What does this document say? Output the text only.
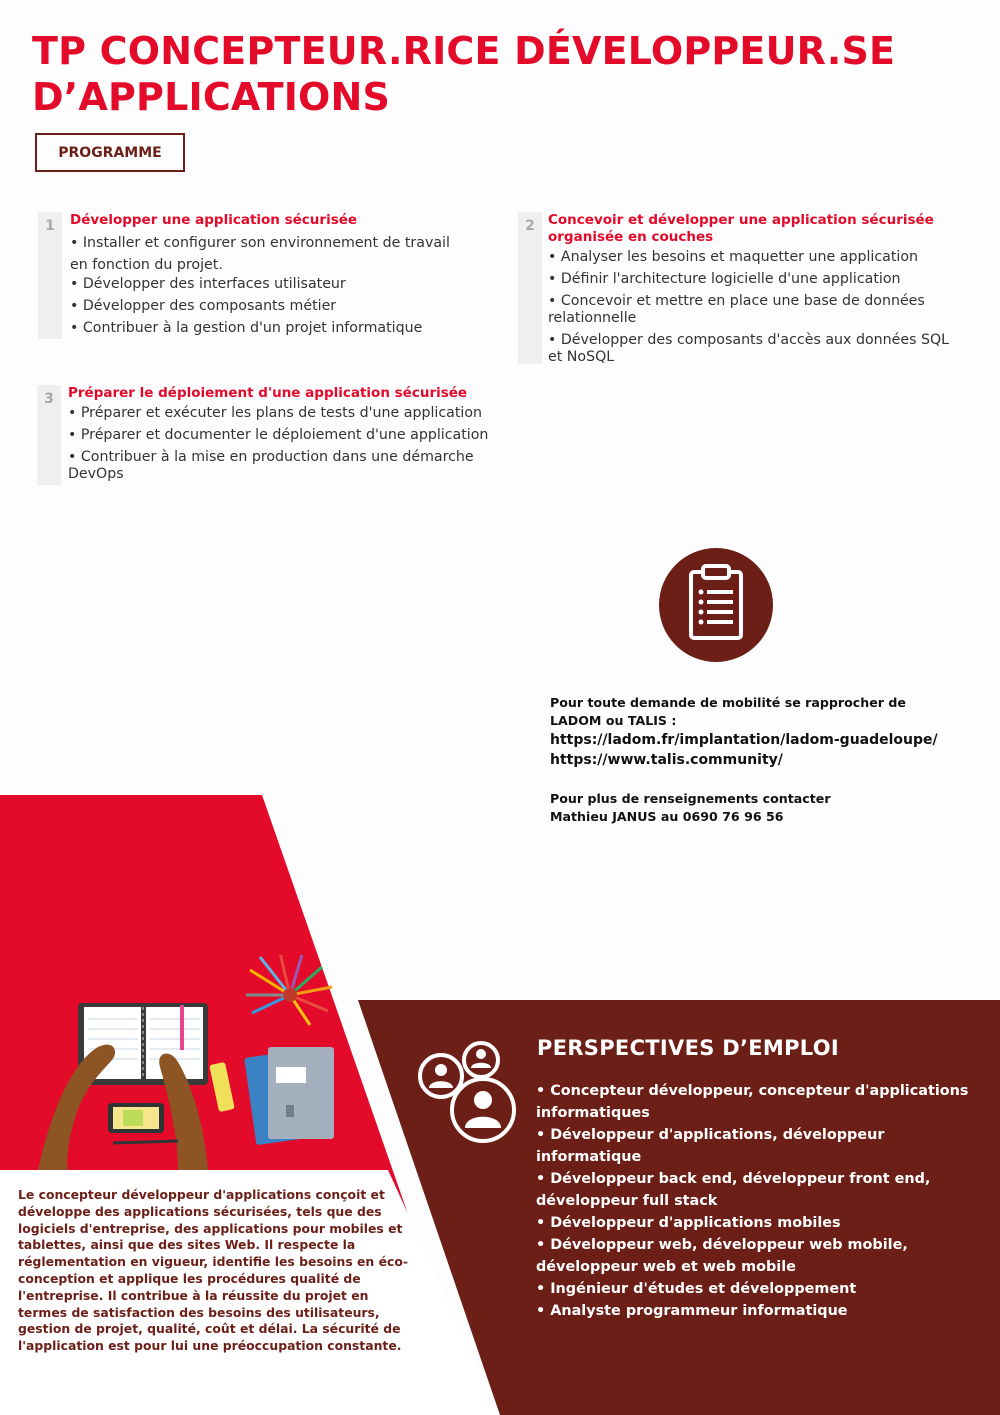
TP CONCEPTEUR.RICE DÉVELOPPEUR.SE
D’APPLICATIONS
PROGRAMME
1	Développer une application sécurisée
• Installer et configurer son environnement de travail en fonction du projet.
• Développer des interfaces utilisateur
• Développer des composants métier
• Contribuer à la gestion d'un projet informatique
2 Concevoir et développer une application sécurisée organisée en couches
• Analyser les besoins et maquetter une application
• Définir l'architecture logicielle d'une application
• Concevoir et mettre en place une base de données relationnelle
• Développer des composants d'accès aux données SQL et NoSQL
3	Préparer le déploiement d'une application sécurisée
• Préparer et exécuter les plans de tests d'une application
• Préparer et documenter le déploiement d'une application
• Contribuer à la mise en production dans une démarche DevOps

Pour toute demande de mobilité se rapprocher de

LADOM ou TALIS :

https://ladom.fr/implantation/ladom-guadeloupe/

https://www.talis.community/

Pour plus de renseignements contacter

Mathieu JANUS au 0690 76 96 56

Le concepteur développeur d'applications conçoit et développe des applications sécurisées, tels que des logiciels d'entreprise, des applications pour mobiles et tablettes, ainsi que des sites Web. Il respecte la réglementation en vigueur, identifie les besoins en éco-conception et applique les procédures qualité de l'entreprise. Il contribue à la réussite du projet en termes de satisfaction des besoins des utilisateurs, gestion de projet, qualité, coût et délai. La sécurité de l'application est pour lui une préoccupation constante.
PERSPECTIVES D’EMPLOI
• Concepteur développeur, concepteur d'applications informatiques
• Développeur d'applications, développeur informatique
• Développeur back end, développeur front end, développeur full stack
• Développeur d'applications mobiles
• Développeur web, développeur web mobile, développeur web et web mobile
• Ingénieur d'études et développement
• Analyste programmeur informatique
